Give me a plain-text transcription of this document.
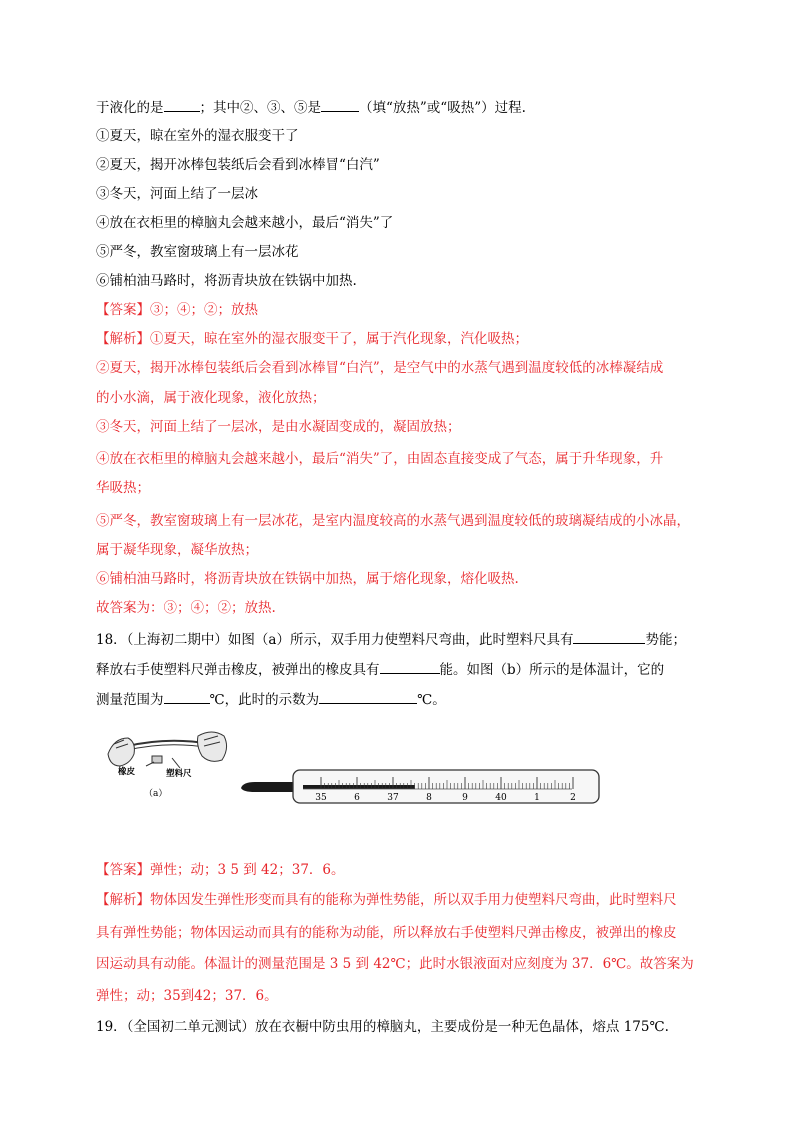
于液化的是	；其中②、③、⑤是	（填“放热”或“吸热”）过程.
①夏天，晾在室外的湿衣服变干了
②夏天，揭开冰棒包装纸后会看到冰棒冒“白汽”
③冬天，河面上结了一层冰
④放在衣柜里的樟脑丸会越来越小，最后“消失”了
⑤严冬，教室窗玻璃上有一层冰花
⑥铺柏油马路时，将沥青块放在铁锅中加热.
【答案】③；④；②；放热
【解析】①夏天，晾在室外的湿衣服变干了，属于汽化现象，汽化吸热；
②夏天，揭开冰棒包装纸后会看到冰棒冒“白汽”，是空气中的水蒸气遇到温度较低的冰棒凝结成
的小水滴，属于液化现象，液化放热；
③冬天，河面上结了一层冰，是由水凝固变成的，凝固放热；
④放在衣柜里的樟脑丸会越来越小，最后“消失”了，由固态直接变成了气态，属于升华现象，升
华吸热；
⑤严冬，教室窗玻璃上有一层冰花，是室内温度较高的水蒸气遇到温度较低的玻璃凝结成的小冰晶，
属于凝华现象，凝华放热；
⑥铺柏油马路时，将沥青块放在铁锅中加热，属于熔化现象，熔化吸热.
故答案为：③；④；②；放热.
18．（上海初二期中）如图（a）所示，双手用力使塑料尺弯曲，此时塑料尺具有	势能；
释放右手使塑料尺弹击橡皮，被弹出的橡皮具有	能。如图（b）所示的是体温计，它的
测量范围为	℃，此时的示数为	℃。
橡皮	塑料尺
（a）	35	6	37	8	9	40	1	2
【答案】弹性；动；3 5 到 42；37．6。
【解析】物体因发生弹性形变而具有的能称为弹性势能，所以双手用力使塑料尺弯曲，此时塑料尺
具有弹性势能；物体因运动而具有的能称为动能，所以释放右手使塑料尺弹击橡皮，被弹出的橡皮
因运动具有动能。体温计的测量范围是 3 5 到 42℃；此时水银液面对应刻度为 37．6℃。故答案为
弹性；动；35到42；37．6。
19．（全国初二单元测试）放在衣橱中防虫用的樟脑丸，主要成份是一种无色晶体，熔点 175℃.
